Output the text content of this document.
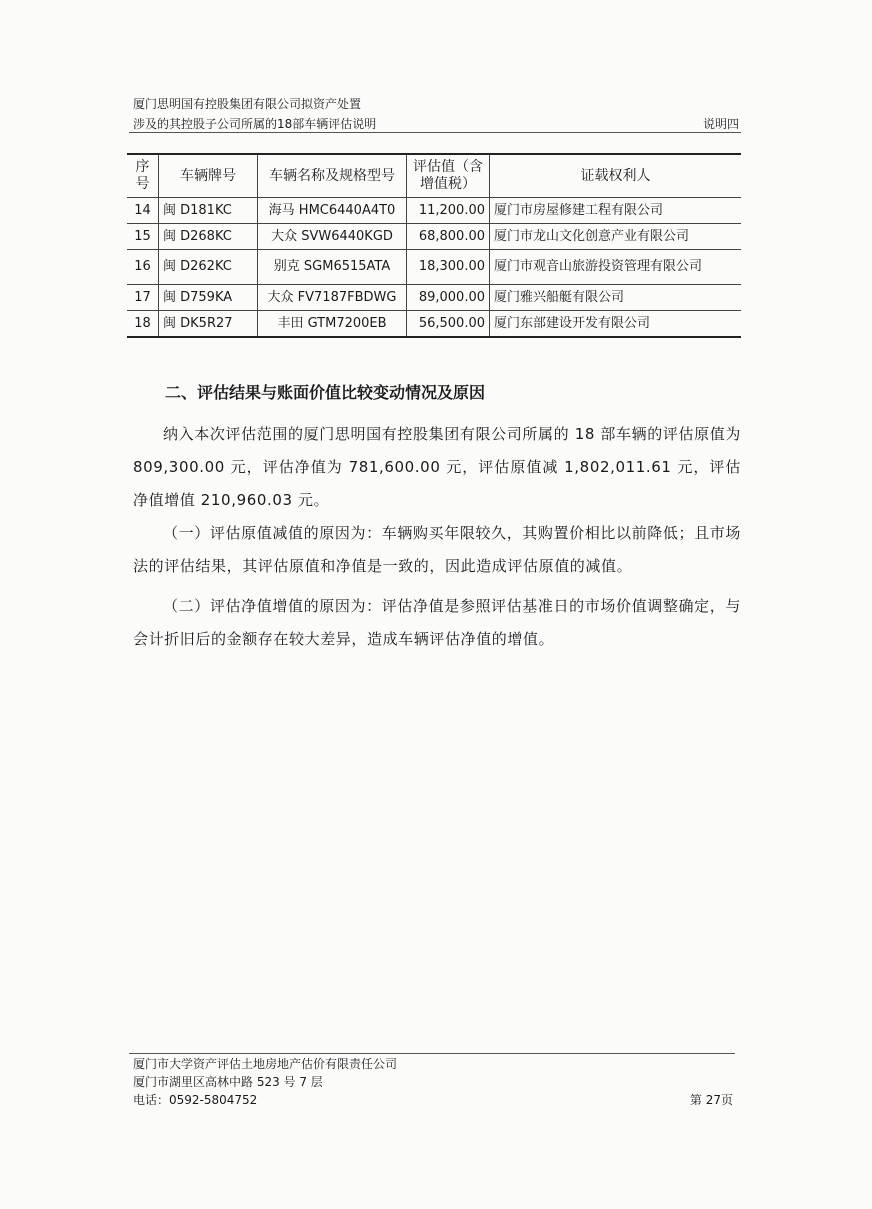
厦门思明国有控股集团有限公司拟资产处置
涉及的其控股子公司所属的18部车辆评估说明	说明四
序号	车辆牌号	车辆名称及规格型号	评估值（含增值税）	证载权利人
14	闽 D181KC	海马 HMC6440A4T0	11,200.00	厦门市房屋修建工程有限公司
15	闽 D268KC	大众 SVW6440KGD	68,800.00	厦门市龙山文化创意产业有限公司
16	闽 D262KC	别克 SGM6515ATA	18,300.00	厦门市观音山旅游投资管理有限公司
17	闽 D759KA	大众 FV7187FBDWG	89,000.00	厦门雅兴船艇有限公司
18	闽 DK5R27	丰田 GTM7200EB	56,500.00	厦门东部建设开发有限公司
二、评估结果与账面价值比较变动情况及原因
纳入本次评估范围的厦门思明国有控股集团有限公司所属的 18 部车辆的评估原值为 809,300.00 元，评估净值为 781,600.00 元，评估原值减 1,802,011.61 元，评估净值增值 210,960.03 元。
（一）评估原值减值的原因为：车辆购买年限较久，其购置价相比以前降低；且市场法的评估结果，其评估原值和净值是一致的，因此造成评估原值的减值。
（二）评估净值增值的原因为：评估净值是参照评估基准日的市场价值调整确定，与会计折旧后的金额存在较大差异，造成车辆评估净值的增值。
厦门市大学资产评估土地房地产估价有限责任公司
厦门市湖里区高林中路 523 号 7 层
电话：0592-5804752	第 27页
